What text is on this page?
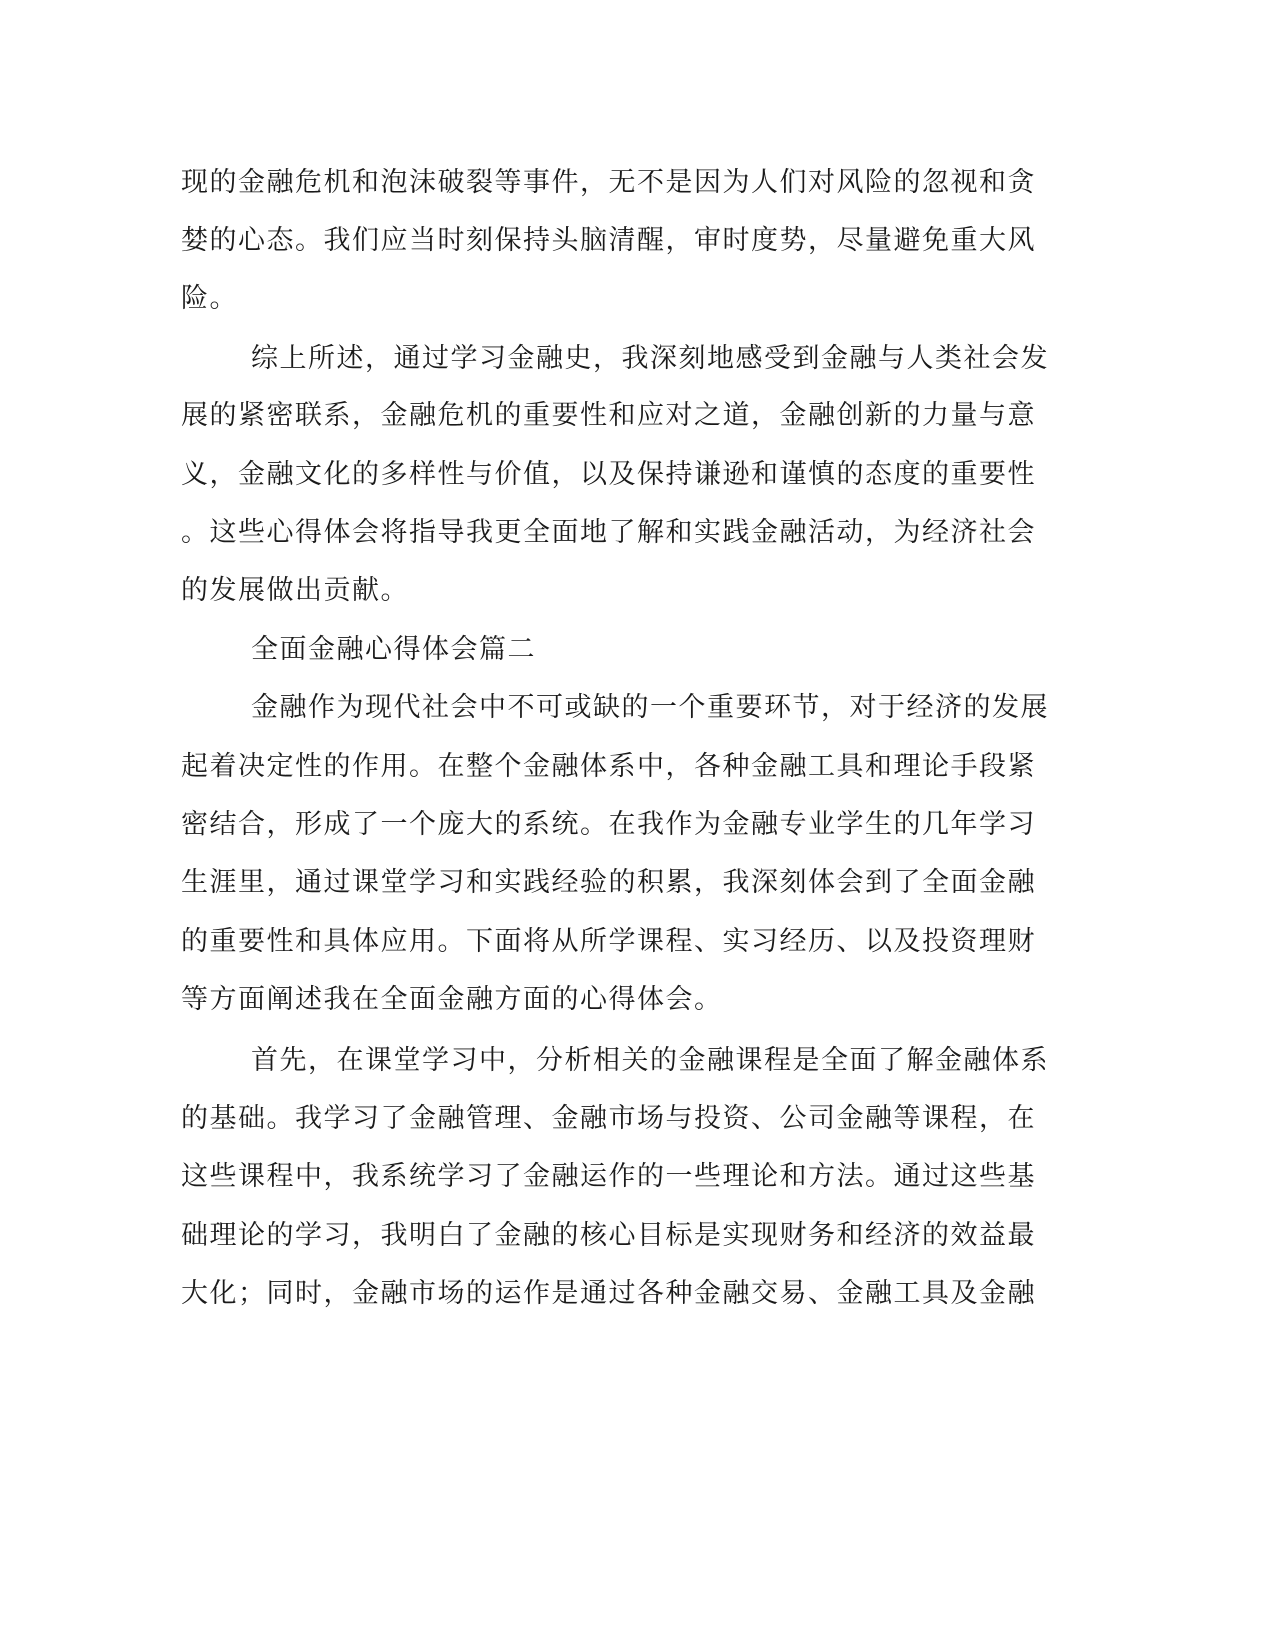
现的金融危机和泡沫破裂等事件，无不是因为人们对风险的忽视和贪
婪的心态。我们应当时刻保持头脑清醒，审时度势，尽量避免重大风
险。
综上所述，通过学习金融史，我深刻地感受到金融与人类社会发
展的紧密联系，金融危机的重要性和应对之道，金融创新的力量与意
义，金融文化的多样性与价值，以及保持谦逊和谨慎的态度的重要性
。这些心得体会将指导我更全面地了解和实践金融活动，为经济社会
的发展做出贡献。
全面金融心得体会篇二
金融作为现代社会中不可或缺的一个重要环节，对于经济的发展
起着决定性的作用。在整个金融体系中，各种金融工具和理论手段紧
密结合，形成了一个庞大的系统。在我作为金融专业学生的几年学习
生涯里，通过课堂学习和实践经验的积累，我深刻体会到了全面金融
的重要性和具体应用。下面将从所学课程、实习经历、以及投资理财
等方面阐述我在全面金融方面的心得体会。
首先，在课堂学习中，分析相关的金融课程是全面了解金融体系
的基础。我学习了金融管理、金融市场与投资、公司金融等课程，在
这些课程中，我系统学习了金融运作的一些理论和方法。通过这些基
础理论的学习，我明白了金融的核心目标是实现财务和经济的效益最
大化；同时，金融市场的运作是通过各种金融交易、金融工具及金融
